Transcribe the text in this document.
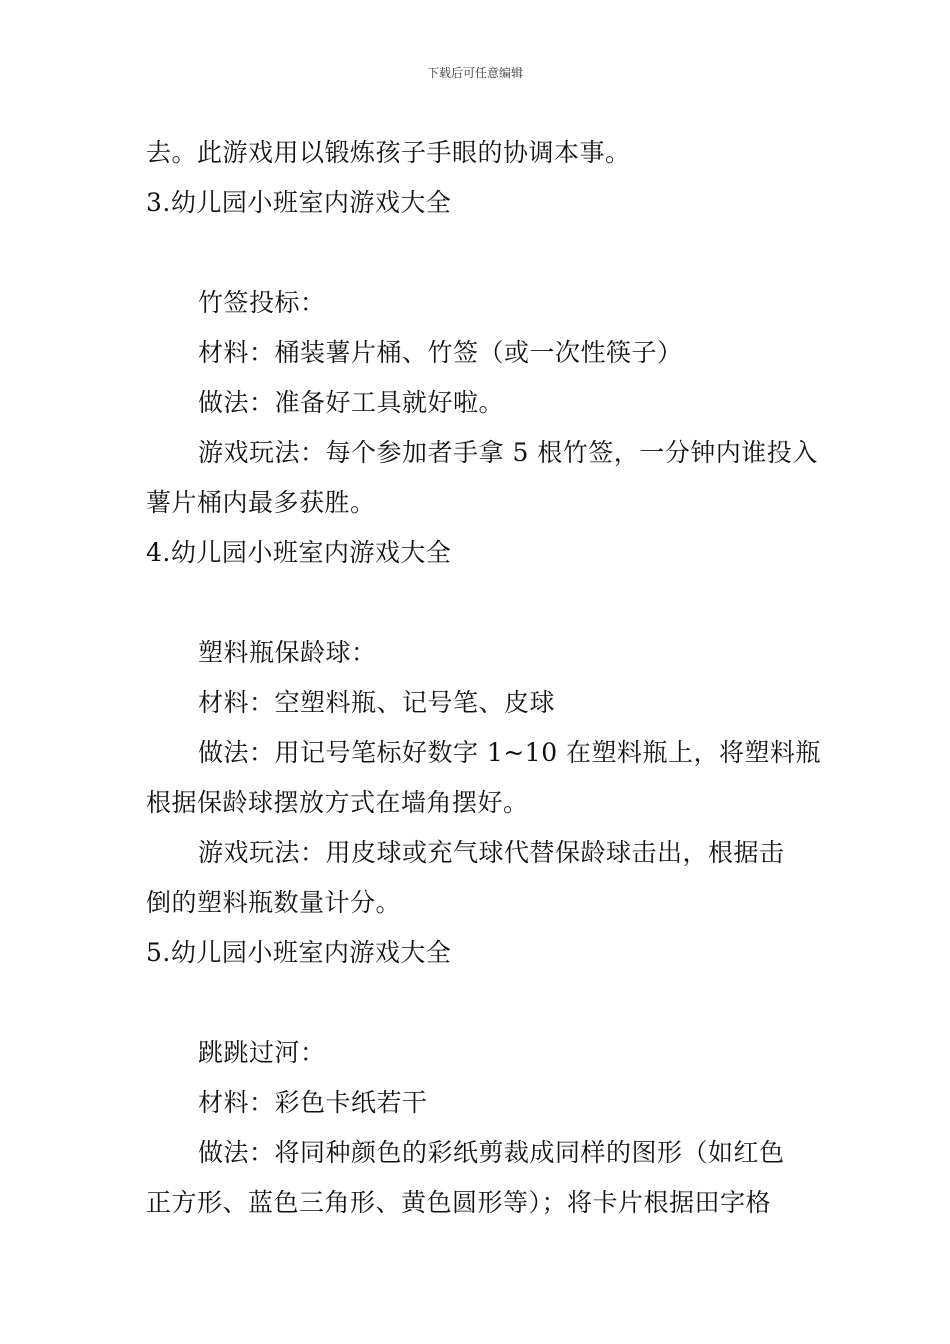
下载后可任意编辑
去。此游戏用以锻炼孩子手眼的协调本事。
3.幼儿园小班室内游戏大全
竹签投标：
材料：桶装薯片桶、竹签（或一次性筷子）
做法：准备好工具就好啦。
游戏玩法：每个参加者手拿 5 根竹签，一分钟内谁投入
薯片桶内最多获胜。
4.幼儿园小班室内游戏大全
塑料瓶保龄球：
材料：空塑料瓶、记号笔、皮球
做法：用记号笔标好数字 1~10 在塑料瓶上，将塑料瓶
根据保龄球摆放方式在墙角摆好。
游戏玩法：用皮球或充气球代替保龄球击出，根据击
倒的塑料瓶数量计分。
5.幼儿园小班室内游戏大全
跳跳过河：
材料：彩色卡纸若干
做法：将同种颜色的彩纸剪裁成同样的图形（如红色
正方形、蓝色三角形、黄色圆形等）；将卡片根据田字格
